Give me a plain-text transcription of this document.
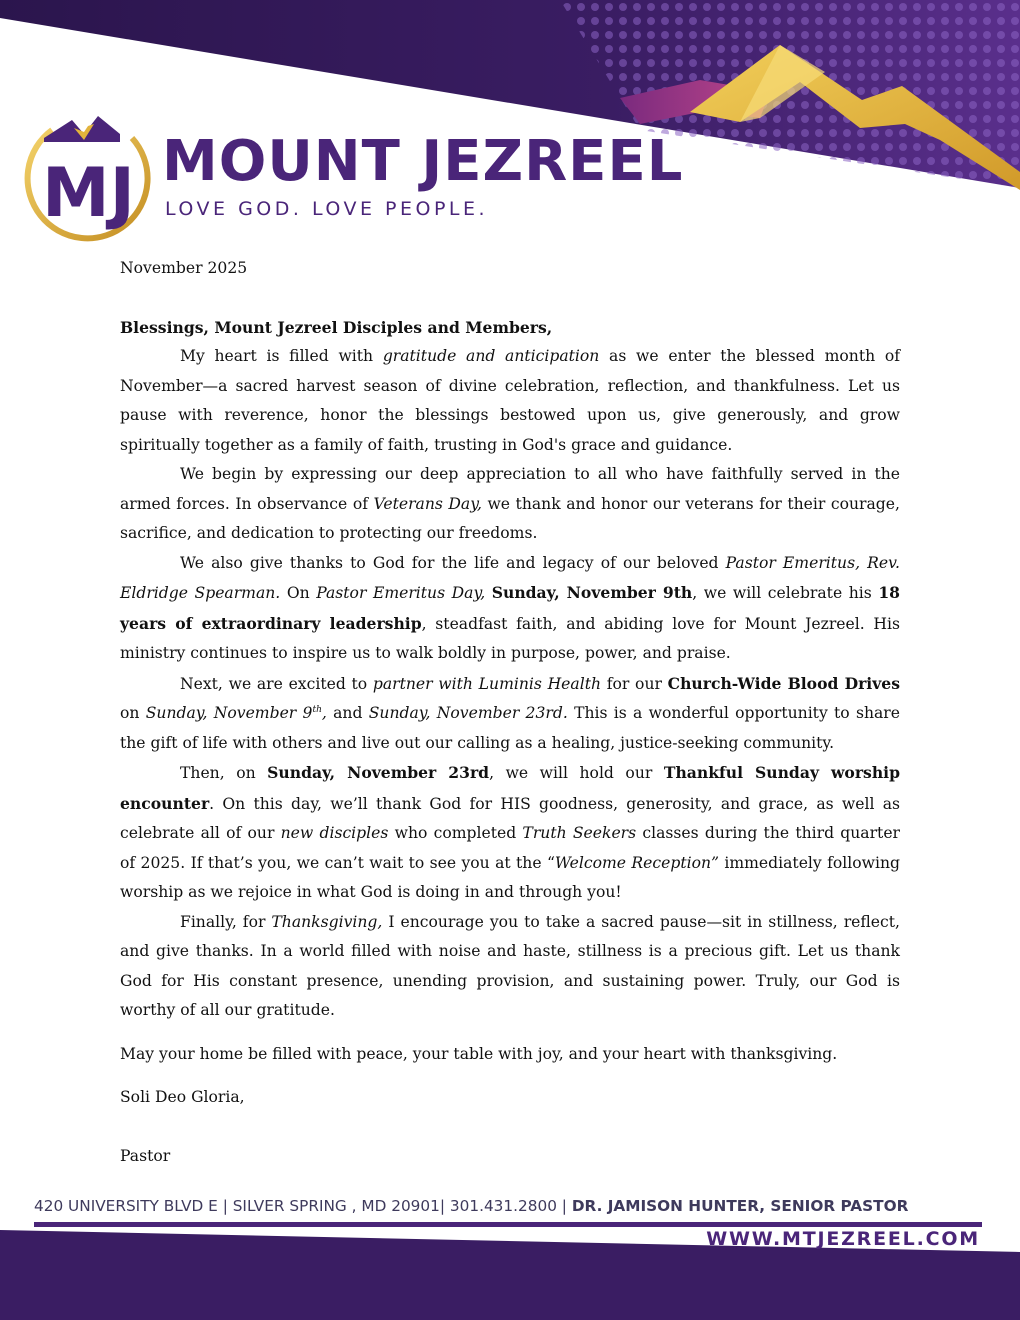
MJ MOUNT JEZREEL
LOVE GOD. LOVE PEOPLE.

November 2025

Blessings, Mount Jezreel Disciples and Members,

My heart is filled with gratitude and anticipation as we enter the blessed month of November—a sacred harvest season of divine celebration, reflection, and thankfulness. Let us pause with reverence, honor the blessings bestowed upon us, give generously, and grow spiritually together as a family of faith, trusting in God's grace and guidance.

We begin by expressing our deep appreciation to all who have faithfully served in the armed forces. In observance of Veterans Day, we thank and honor our veterans for their courage, sacrifice, and dedication to protecting our freedoms.

We also give thanks to God for the life and legacy of our beloved Pastor Emeritus, Rev. Eldridge Spearman. On Pastor Emeritus Day, Sunday, November 9th, we will celebrate his 18 years of extraordinary leadership, steadfast faith, and abiding love for Mount Jezreel. His ministry continues to inspire us to walk boldly in purpose, power, and praise.

Next, we are excited to partner with Luminis Health for our Church-Wide Blood Drives on Sunday, November 9th, and Sunday, November 23rd. This is a wonderful opportunity to share the gift of life with others and live out our calling as a healing, justice-seeking community.

Then, on Sunday, November 23rd, we will hold our Thankful Sunday worship encounter. On this day, we’ll thank God for HIS goodness, generosity, and grace, as well as celebrate all of our new disciples who completed Truth Seekers classes during the third quarter of 2025. If that’s you, we can’t wait to see you at the “Welcome Reception” immediately following worship as we rejoice in what God is doing in and through you!

Finally, for Thanksgiving, I encourage you to take a sacred pause—sit in stillness, reflect, and give thanks. In a world filled with noise and haste, stillness is a precious gift. Let us thank God for His constant presence, unending provision, and sustaining power. Truly, our God is worthy of all our gratitude.

May your home be filled with peace, your table with joy, and your heart with thanksgiving.

Soli Deo Gloria,

Pastor

420 UNIVERSITY BLVD E | SILVER SPRING , MD 20901| 301.431.2800 | DR. JAMISON HUNTER, SENIOR PASTOR
WWW.MTJEZREEL.COM
